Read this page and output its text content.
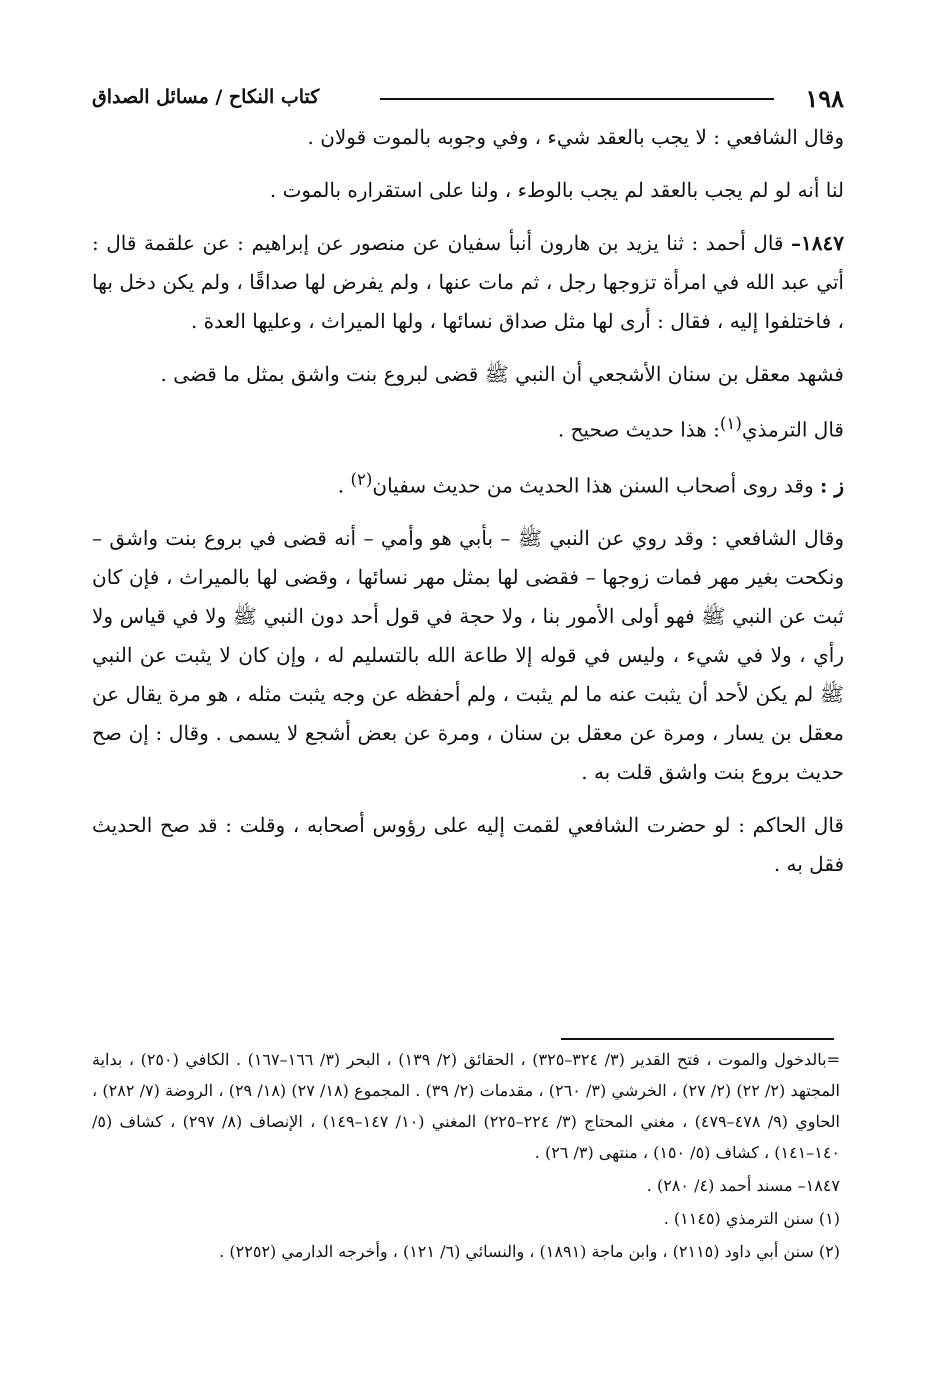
١٩٨
كتاب النكاح / مسائل الصداق

وقال الشافعي : لا يجب بالعقد شيء ، وفي وجوبه بالموت قولان .

لنا أنه لو لم يجب بالعقد لم يجب بالوطء ، ولنا على استقراره بالموت .

١٨٤٧– قال أحمد : ثنا يزيد بن هارون أنبأ سفيان عن منصور عن إبراهيم : عن علقمة قال : أتي عبد الله في امرأة تزوجها رجل ، ثم مات عنها ، ولم يفرض لها صداقًا ، ولم يكن دخل بها ، فاختلفوا إليه ، فقال : أرى لها مثل صداق نسائها ، ولها الميراث ، وعليها العدة .

فشهد معقل بن سنان الأشجعي أن النبي ﷺ قضى لبروع بنت واشق بمثل ما قضى .

قال الترمذي$^{(١)}$: هذا حديث صحيح .

ز : وقد روى أصحاب السنن هذا الحديث من حديث سفيان$^{(٢)}$ .

وقال الشافعي : وقد روي عن النبي ﷺ – بأبي هو وأمي – أنه قضى في بروع بنت واشق – ونكحت بغير مهر فمات زوجها – فقضى لها بمثل مهر نسائها ، وقضى لها بالميراث ، فإن كان ثبت عن النبي ﷺ فهو أولى الأمور بنا ، ولا حجة في قول أحد دون النبي ﷺ ولا في قياس ولا رأي ، ولا في شيء ، وليس في قوله إلا طاعة الله بالتسليم له ، وإن كان لا يثبت عن النبي ﷺ لم يكن لأحد أن يثبت عنه ما لم يثبت ، ولم أحفظه عن وجه يثبت مثله ، هو مرة يقال عن معقل بن يسار ، ومرة عن معقل بن سنان ، ومرة عن بعض أشجع لا يسمى . وقال : إن صح حديث بروع بنت واشق قلت به .

قال الحاكم : لو حضرت الشافعي لقمت إليه على رؤوس أصحابه ، وقلت : قد صح الحديث فقل به .

=بالدخول والموت ، فتح القدير (٣/ ٣٢٤–٣٢٥) ، الحقائق (٢/ ١٣٩) ، البحر (٣/ ١٦٦–١٦٧) . الكافي (٢٥٠) ، بداية المجتهد (٢/ ٢٢) (٢/ ٢٧) ، الخرشي (٣/ ٢٦٠) ، مقدمات (٢/ ٣٩) . المجموع (١٨/ ٢٧) (١٨/ ٢٩) ، الروضة (٧/ ٢٨٢) ، الحاوي (٩/ ٤٧٨–٤٧٩) ، مغني المحتاج (٣/ ٢٢٤–٢٢٥) المغني (١٠/ ١٤٧–١٤٩) ، الإنصاف (٨/ ٢٩٧) ، كشاف (٥/ ١٤٠–١٤١) ، كشاف (٥/ ١٥٠) ، منتهى (٣/ ٢٦) .

١٨٤٧– مسند أحمد (٤/ ٢٨٠) .

(١) سنن الترمذي (١١٤٥) .

(٢) سنن أبي داود (٢١١٥) ، وابن ماجة (١٨٩١) ، والنسائي (٦/ ١٢١) ، وأخرجه الدارمي (٢٢٥٢) .
